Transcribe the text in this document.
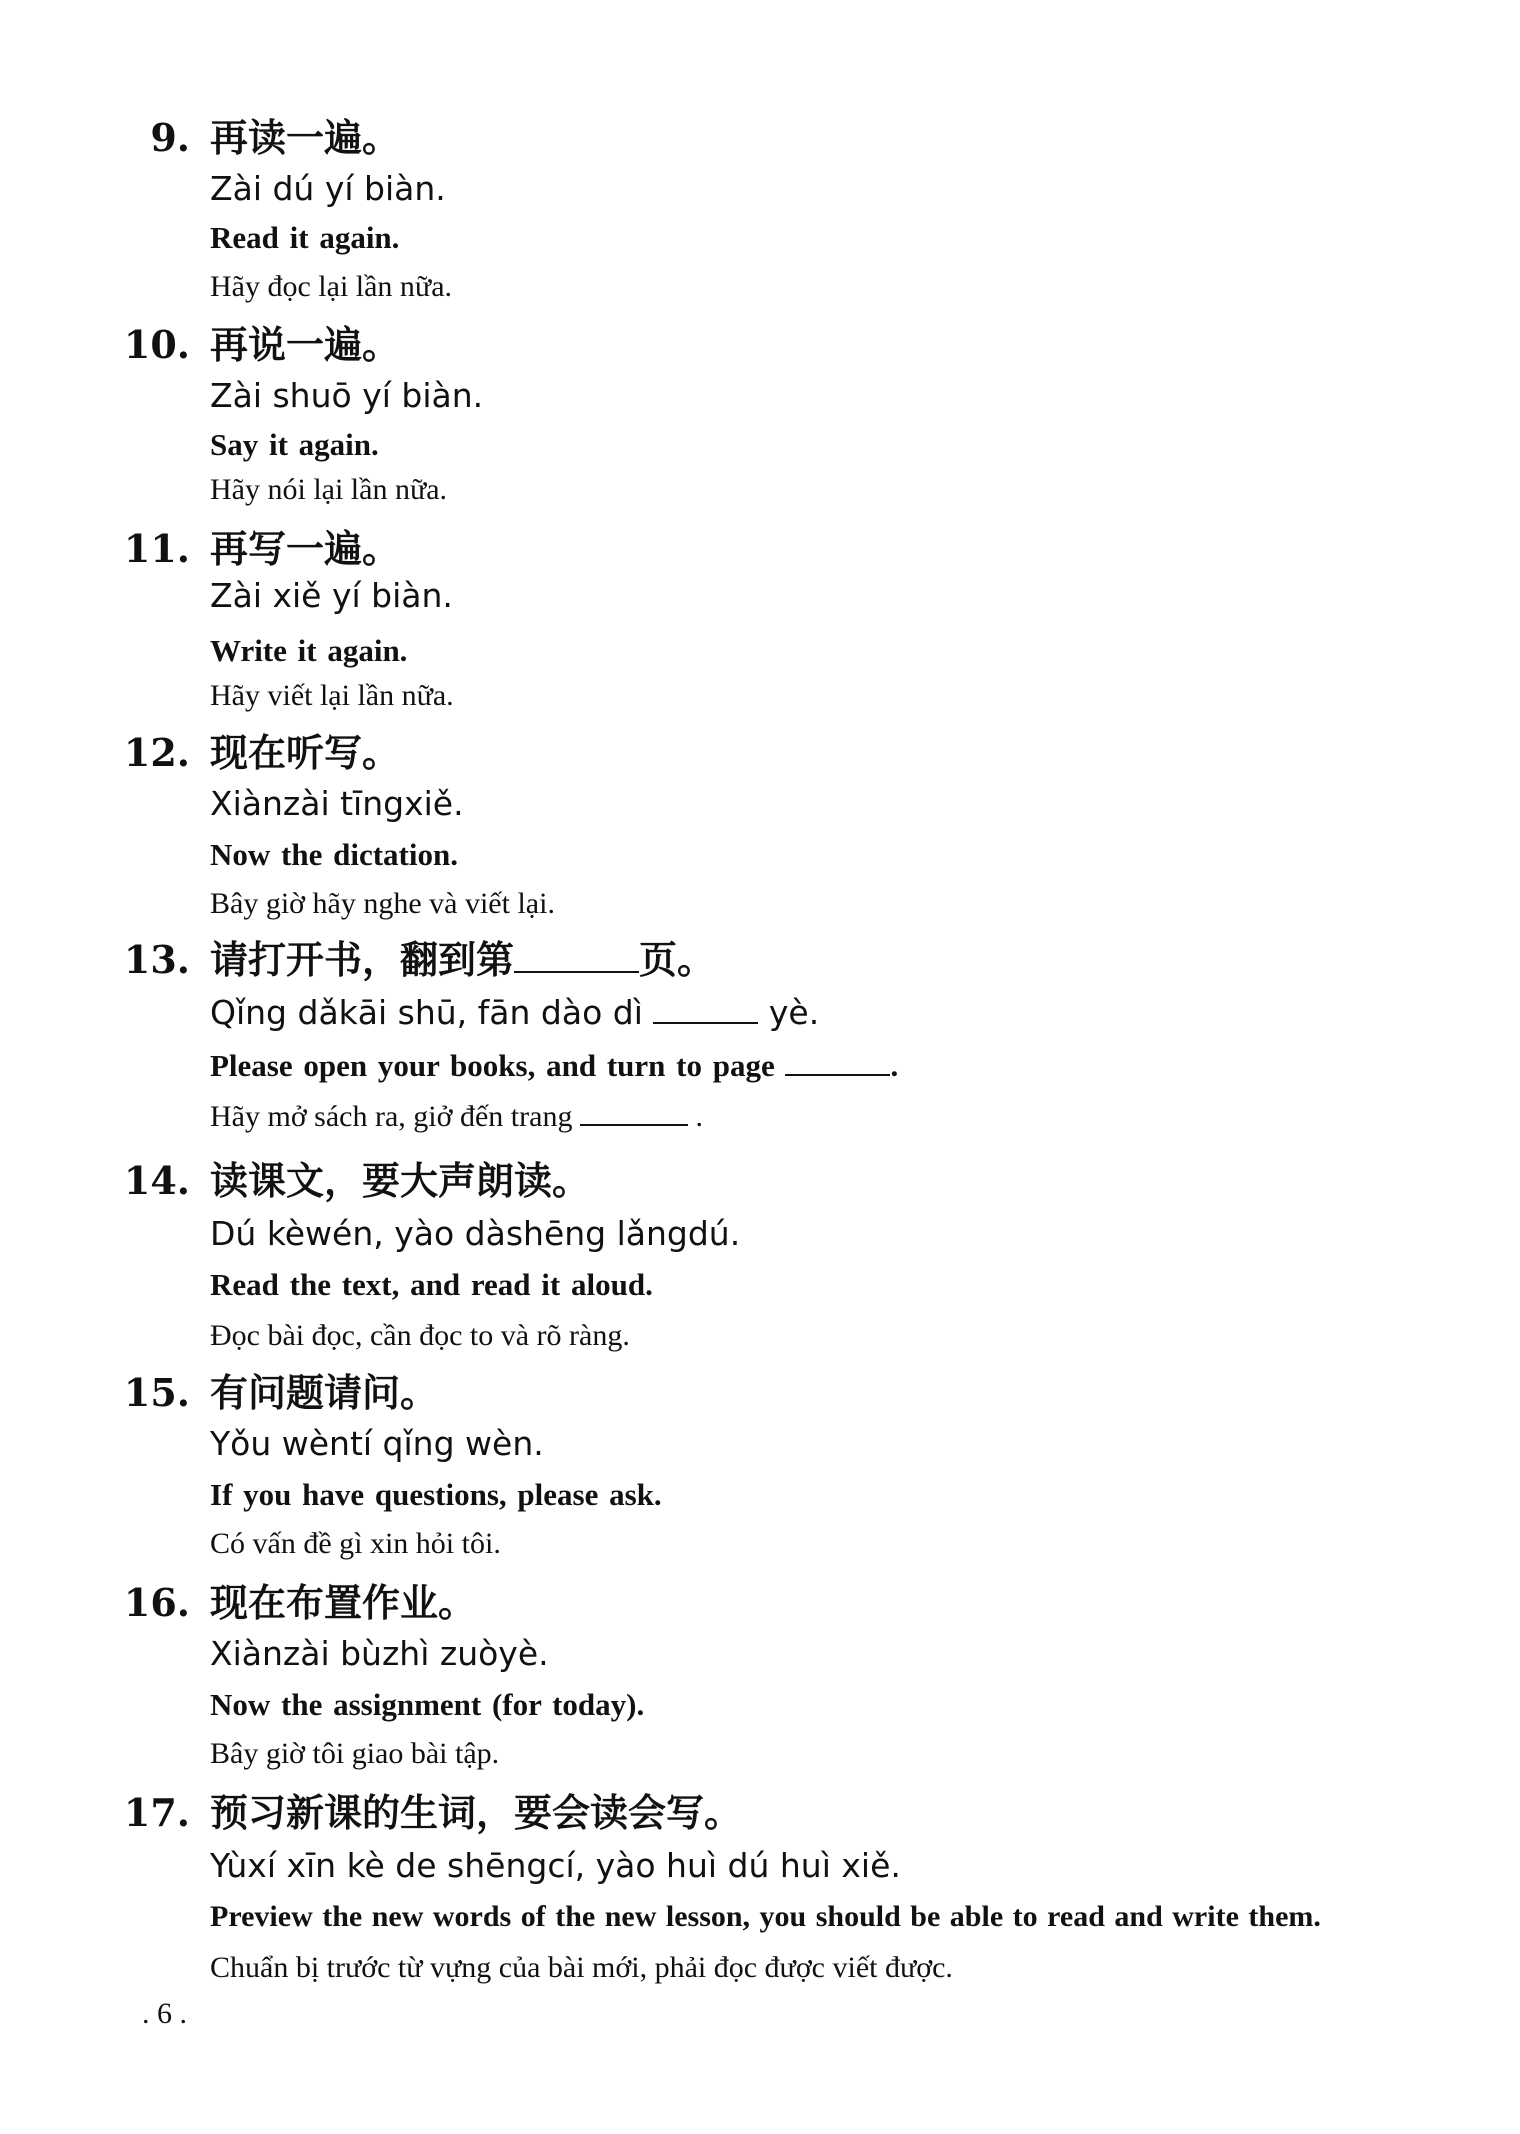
9. 再读一遍。
Zài dú yí biàn.
Read it again.
Hãy đọc lại lần nữa.
10. 再说一遍。
Zài shuō yí biàn.
Say it again.
Hãy nói lại lần nữa.
11. 再写一遍。
Zài xiě yí biàn.
Write it again.
Hãy viết lại lần nữa.
12. 现在听写。
Xiànzài tīngxiě.
Now the dictation.
Bây giờ hãy nghe và viết lại.
13. 请打开书，翻到第	页。
Qǐng dǎkāi shū, fān dào dì	yè.
Please open your books, and turn to page	.
Hãy mở sách ra, giở đến trang	.
14. 读课文，要大声朗读。
Dú kèwén, yào dàshēng lǎngdú.
Read the text, and read it aloud.
Đọc bài đọc, cần đọc to và rõ ràng.
15. 有问题请问。
Yǒu wèntí qǐng wèn.
If you have questions, please ask.
Có vấn đề gì xin hỏi tôi.
16. 现在布置作业。
Xiànzài bùzhì zuòyè.
Now the assignment (for today).
Bây giờ tôi giao bài tập.
17. 预习新课的生词，要会读会写。
Yùxí xīn kè de shēngcí, yào huì dú huì xiě.
Preview the new words of the new lesson, you should be able to read and write them.
Chuẩn bị trước từ vựng của bài mới, phải đọc được viết được.
. 6 .
